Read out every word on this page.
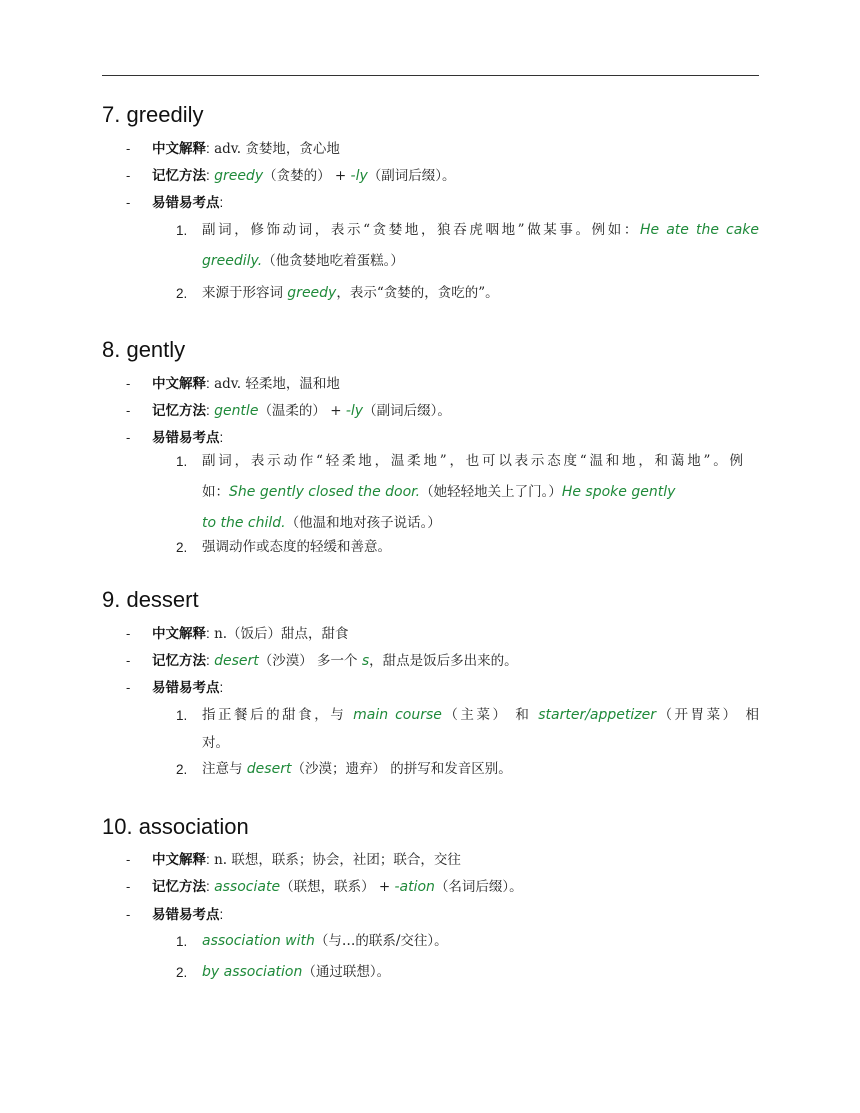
7. greedily
- 中文解释: adv. 贪婪地，贪心地
- 记忆方法: greedy（贪婪的） + -ly（副词后缀）。
- 易错易考点:
1. 副词，修饰动词，表示“贪婪地，狼吞虎咽地”做某事。例如：He ate the cake
greedily.（他贪婪地吃着蛋糕。）
2. 来源于形容词 greedy，表示“贪婪的，贪吃的”。
8. gently
- 中文解释: adv. 轻柔地，温和地
- 记忆方法: gentle（温柔的） + -ly（副词后缀）。
- 易错易考点:
1. 副词，表示动作“轻柔地，温柔地”，也可以表示态度“温和地，和蔼地”。例
如：She gently closed the door.（她轻轻地关上了门。）He spoke gently
to the child.（他温和地对孩子说话。）
2. 强调动作或态度的轻缓和善意。
9. dessert
- 中文解释: n.（饭后）甜点，甜食
- 记忆方法: desert（沙漠） 多一个 s，甜点是饭后多出来的。
- 易错易考点:
1. 指正餐后的甜食，与 main course（主菜） 和 starter/appetizer（开胃菜） 相
对。
2. 注意与 desert（沙漠；遗弃） 的拼写和发音区别。
10. association
- 中文解释: n. 联想，联系；协会，社团；联合，交往
- 记忆方法: associate（联想，联系） + -ation（名词后缀）。
- 易错易考点:
1. association with（与…的联系/交往）。
2. by association（通过联想）。
